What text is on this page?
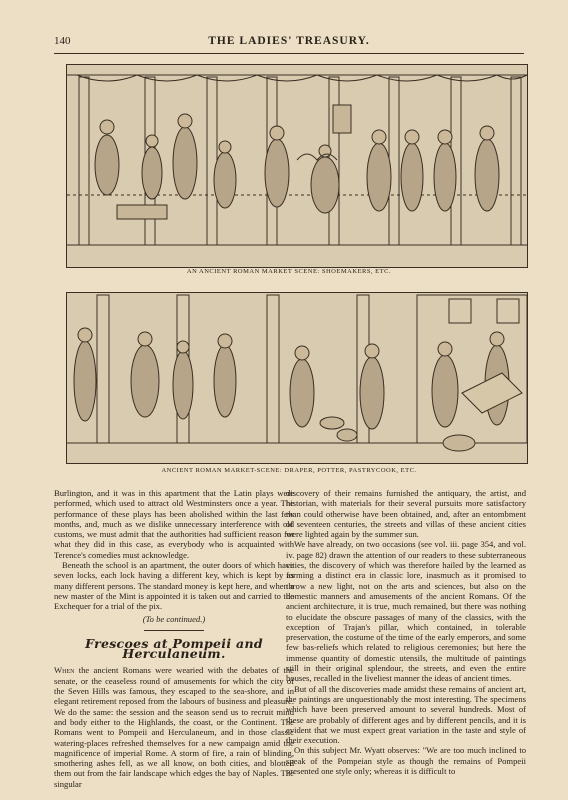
140	THE LADIES' TREASURY.
AN ANCIENT ROMAN MARKET SCENE: SHOEMAKERS, ETC.
ANCIENT ROMAN MARKET-SCENE: DRAPER, POTTER, PASTRYCOOK, ETC.

Burlington, and it was in this apartment that the Latin plays were performed, which used to attract old Westminsters once a year. The performance of these plays has been abolished within the last few months, and, much as we dislike unnecessary interference with old customs, we must admit that the authorities had sufficient reason for what they did in this case, as everybody who is acquainted with Terence's comedies must acknowledge.

Beneath the school is an apartment, the outer doors of which have seven locks, each lock having a different key, which is kept by as many different persons. The standard money is kept here, and when a new master of the Mint is appointed it is taken out and carried to the Exchequer for a trial of the pix.

(To be continued.)
Frescoes at Pompeii and Herculaneum.

When the ancient Romans were wearied with the debates of the senate, or the ceaseless round of amusements for which the city of the Seven Hills was famous, they escaped to the sea-shore, and in elegant retirement reposed from the labours of business and pleasure. We do the same: the session and the season send us to recruit mind and body either to the Highlands, the coast, or the Continent. The Romans went to Pompeii and Herculaneum, and in those classic watering-places refreshed themselves for a new campaign amid the magnificence of imperial Rome. A storm of fire, a rain of blinding, smothering ashes fell, as we all know, on both cities, and blotted them out from the fair landscape which edges the bay of Naples. The singular

discovery of their remains furnished the antiquary, the artist, and historian, with materials for their several pursuits more satisfactory than could otherwise have been obtained, and, after an entombment of seventeen centuries, the streets and villas of these ancient cities were lighted again by the summer sun.

We have already, on two occasions (see vol. iii. page 354, and vol. iv. page 82) drawn the attention of our readers to these subterraneous cities, the discovery of which was therefore hailed by the learned as forming a distinct era in classic lore, inasmuch as it promised to throw a new light, not on the arts and sciences, but also on the domestic manners and amusements of the ancient Romans. Of the ancient architecture, it is true, much remained, but there was nothing to elucidate the obscure passages of many of the classics, with the exception of Trajan's pillar, which contained, in tolerable preservation, the costume of the time of the early emperors, and some few bas-reliefs which related to religious ceremonies; but here the immense quantity of domestic utensils, the multitude of paintings still in their original splendour, the streets, and even the entire houses, recalled in the liveliest manner the ideas of ancient times.

But of all the discoveries made amidst these remains of ancient art, the paintings are unquestionably the most interesting. The specimens which have been preserved amount to several hundreds. Most of these are probably of different ages and by different pencils, and it is evident that we must expect great variation in the taste and style of their execution.

On this subject Mr. Wyatt observes: "We are too much inclined to speak of the Pompeian style as though the remains of Pompeii presented one style only; whereas it is difficult to
